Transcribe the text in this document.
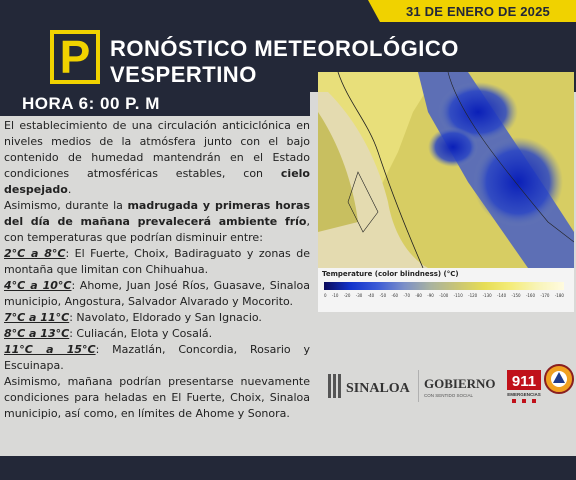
31 DE ENERO DE 2025
P RONÓSTICO METEOROLÓGICO
VESPERTINO
HORA 6: 00 P. M

El establecimiento de una circulación anticiclónica en niveles medios de la atmósfera junto con el bajo contenido de humedad mantendrán en el Estado condiciones atmosféricas estables, con cielo despejado.

Asimismo, durante la madrugada y primeras horas del día de mañana prevalecerá ambiente frío, con temperaturas que podrían disminuir entre:

2°C a 8°C: El Fuerte, Choix, Badiraguato y zonas de montaña que limitan con Chihuahua.

4°C a 10°C: Ahome, Juan José Ríos, Guasave, Sinaloa municipio, Angostura, Salvador Alvarado y Mocorito.

7°C a 11°C: Navolato, Eldorado y San Ignacio.

8°C a 13°C: Culiacán, Elota y Cosalá.

11°C a 15°C: Mazatlán, Concordia, Rosario y Escuinapa.

Asimismo, mañana podrían presentarse nuevamente condiciones para heladas en El Fuerte, Choix, Sinaloa municipio, así como, en límites de Ahome y Sonora.

Temperature (color blindness) (°C)
0 -10 -20 -30 -40 -50 -60 -70 -80 -90 -100 -110 -120 -130 -140 -150 -160 -170 -180
SINALOA GOBIERNO
CON SENTIDO SOCIAL
911
EMERGENCIAS
